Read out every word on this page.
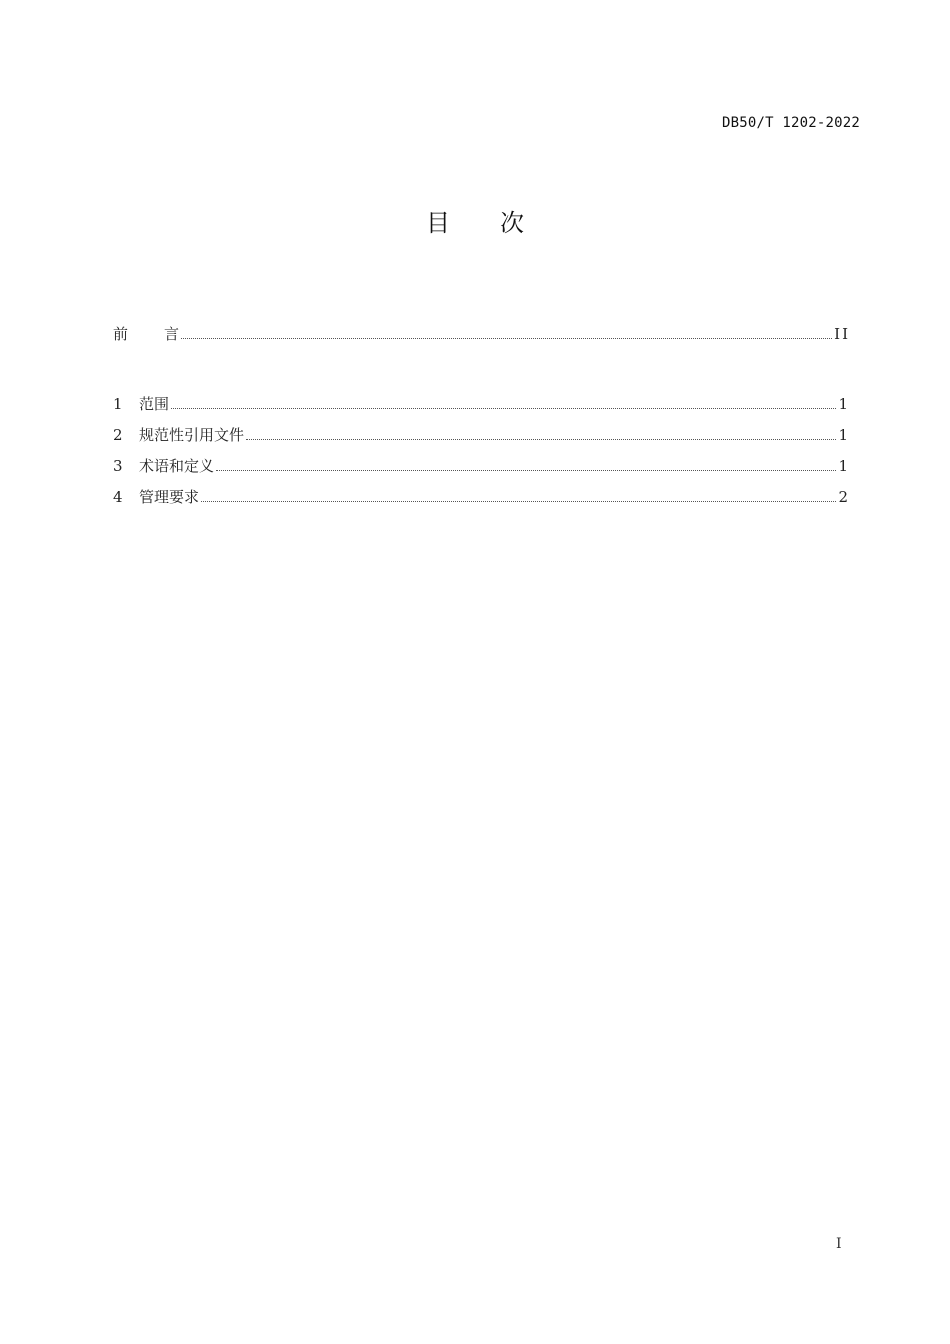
DB50/T 1202-2022
目 次
前 言	II
1	范围	1
2	规范性引用文件	1
3	术语和定义	1
4	管理要求	2
I
